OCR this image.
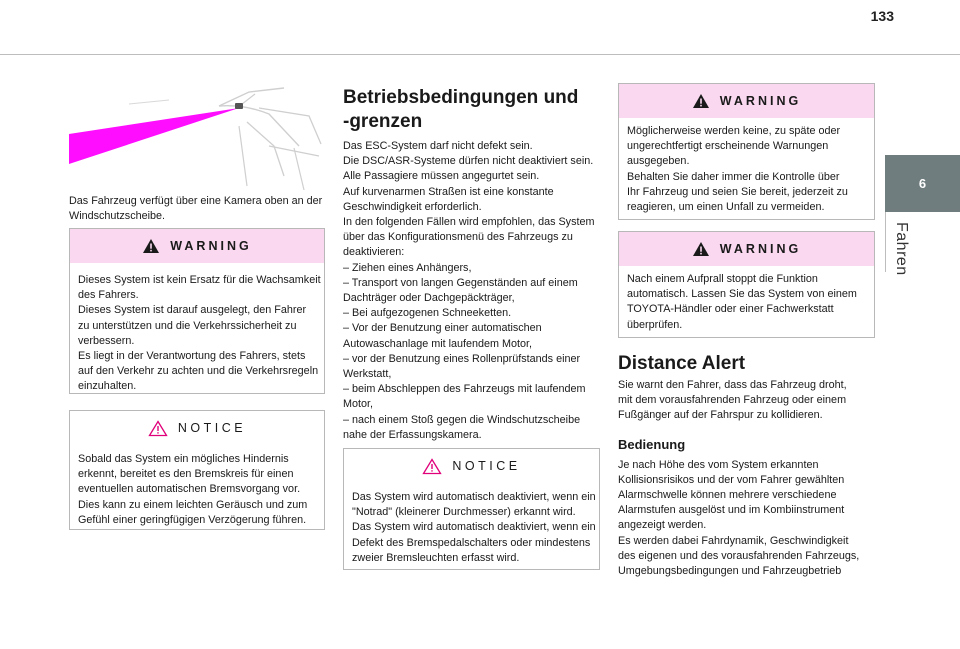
133
6
Fahren

Das Fahrzeug verfügt über eine Kamera oben an der
Windschutzscheibe.

WARNING

Dieses System ist kein Ersatz für die Wachsamkeit
des Fahrers.
Dieses System ist darauf ausgelegt, den Fahrer
zu unterstützen und die Verkehrssicherheit zu
verbessern.
Es liegt in der Verantwortung des Fahrers, stets
auf den Verkehr zu achten und die Verkehrsregeln
einzuhalten.

NOTICE

Sobald das System ein mögliches Hindernis
erkennt, bereitet es den Bremskreis für einen
eventuellen automatischen Bremsvorgang vor.
Dies kann zu einem leichten Geräusch und zum
Gefühl einer geringfügigen Verzögerung führen.

Betriebsbedingungen und
-grenzen

Das ESC-System darf nicht defekt sein.
Die DSC/ASR-Systeme dürfen nicht deaktiviert sein.
Alle Passagiere müssen angegurtet sein.
Auf kurvenarmen Straßen ist eine konstante
Geschwindigkeit erforderlich.
In den folgenden Fällen wird empfohlen, das System
über das Konfigurationsmenü des Fahrzeugs zu
deaktivieren:
– Ziehen eines Anhängers,
– Transport von langen Gegenständen auf einem
Dachträger oder Dachgepäckträger,
– Bei aufgezogenen Schneeketten.
– Vor der Benutzung einer automatischen
Autowaschanlage mit laufendem Motor,
– vor der Benutzung eines Rollenprüfstands einer
Werkstatt,
– beim Abschleppen des Fahrzeugs mit laufendem
Motor,
– nach einem Stoß gegen die Windschutzscheibe
nahe der Erfassungskamera.

NOTICE

Das System wird automatisch deaktiviert, wenn ein
"Notrad" (kleinerer Durchmesser) erkannt wird.
Das System wird automatisch deaktiviert, wenn ein
Defekt des Bremspedalschalters oder mindestens
zweier Bremsleuchten erfasst wird.

WARNING

Möglicherweise werden keine, zu späte oder
ungerechtfertigt erscheinende Warnungen
ausgegeben.
Behalten Sie daher immer die Kontrolle über
Ihr Fahrzeug und seien Sie bereit, jederzeit zu
reagieren, um einen Unfall zu vermeiden.

WARNING

Nach einem Aufprall stoppt die Funktion
automatisch. Lassen Sie das System von einem
TOYOTA-Händler oder einer Fachwerkstatt
überprüfen.

Distance Alert

Sie warnt den Fahrer, dass das Fahrzeug droht,
mit dem vorausfahrenden Fahrzeug oder einem
Fußgänger auf der Fahrspur zu kollidieren.

Bedienung

Je nach Höhe des vom System erkannten
Kollisionsrisikos und der vom Fahrer gewählten
Alarmschwelle können mehrere verschiedene
Alarmstufen ausgelöst und im Kombiinstrument
angezeigt werden.
Es werden dabei Fahrdynamik, Geschwindigkeit
des eigenen und des vorausfahrenden Fahrzeugs,
Umgebungsbedingungen und Fahrzeugbetrieb
